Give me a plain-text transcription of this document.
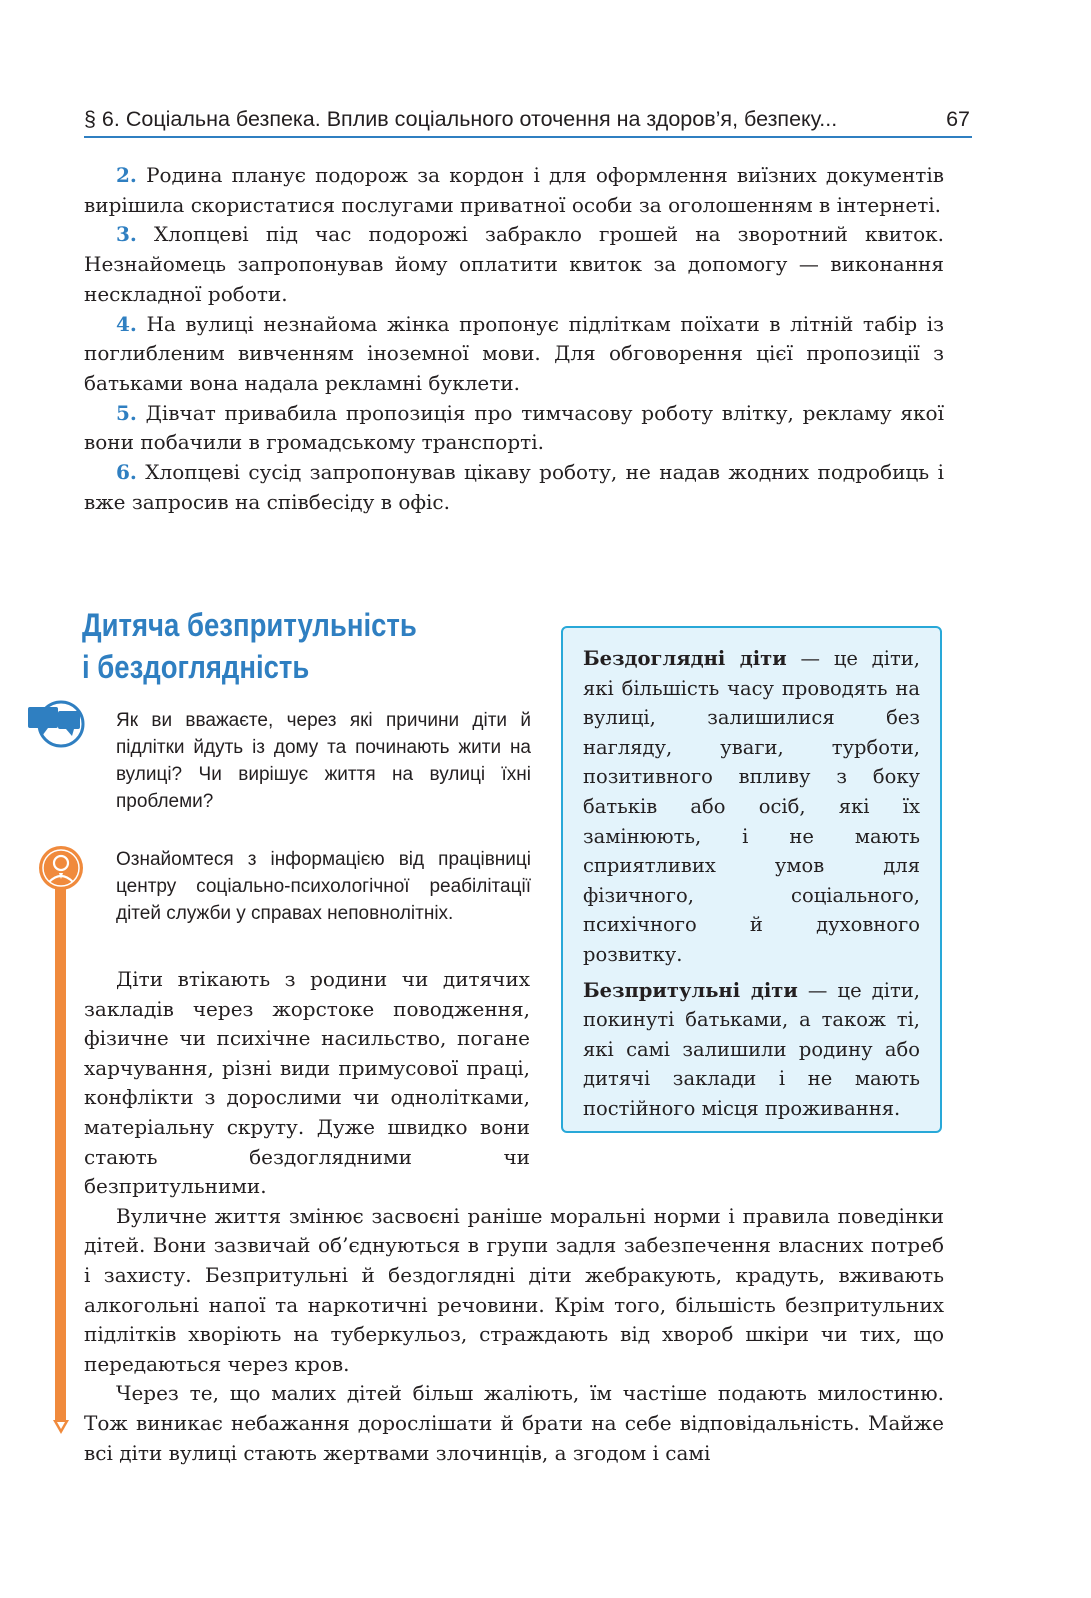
§ 6. Соціальна безпека. Вплив соціального оточення на здоров’я, безпеку...	67

2. Родина планує подорож за кордон і для оформлення виїзних документів вирішила скористатися послугами приватної особи за оголошенням в інтернеті.

3. Хлопцеві під час подорожі забракло грошей на зворотний квиток. Незнайомець запропонував йому оплатити квиток за допомогу — виконання нескладної роботи.

4. На вулиці незнайома жінка пропонує підліткам поїхати в літній табір із поглибленим вивченням іноземної мови. Для обговорення цієї пропозиції з батьками вона надала рекламні буклети.

5. Дівчат привабила пропозиція про тимчасову роботу влітку, рекламу якої вони побачили в громадському транспорті.

6. Хлопцеві сусід запропонував цікаву роботу, не надав жодних подробиць і вже запросив на співбесіду в офіс.

Дитяча безпритульність
і бездоглядність
Як ви вважаєте, через які причини діти й підлітки йдуть із дому та починають жити на вулиці? Чи вирішує життя на вулиці їхні проблеми?
Ознайомтеся з інформацією від працівниці центру соціально-психологічної реабілітації дітей служби у справах неповнолітніх.

Бездоглядні діти — це діти, які більшість часу проводять на вулиці, залишилися без нагляду, уваги, турботи, позитивного впливу з боку батьків або осіб, які їх замінюють, і не мають сприятливих умов для фізичного, соціального, психічного й духовного розвитку.

Безпритульні діти — це діти, покинуті батьками, а також ті, які самі залишили родину або дитячі заклади і не мають постійного місця проживання.

Діти втікають з родини чи дитячих закладів через жорстоке поводження, фізичне чи психічне насильство, погане харчування, різні види примусової праці, конфлікти з дорослими чи однолітками, матеріальну скруту. Дуже швидко вони стають бездоглядними чи безпритульними.

Вуличне життя змінює засвоєні раніше моральні норми і правила поведінки дітей. Вони зазвичай об’єднуються в групи задля забезпечення власних потреб і захисту. Безпритульні й бездоглядні діти жебракують, крадуть, вживають алкогольні напої та наркотичні речовини. Крім того, більшість безпритульних підлітків хворіють на туберкульоз, страждають від хвороб шкіри чи тих, що передаються через кров.

Через те, що малих дітей більш жаліють, їм частіше подають милостиню. Тож виникає небажання дорослішати й брати на себе відповідальність. Майже всі діти вулиці стають жертвами злочинців, а згодом і самі
